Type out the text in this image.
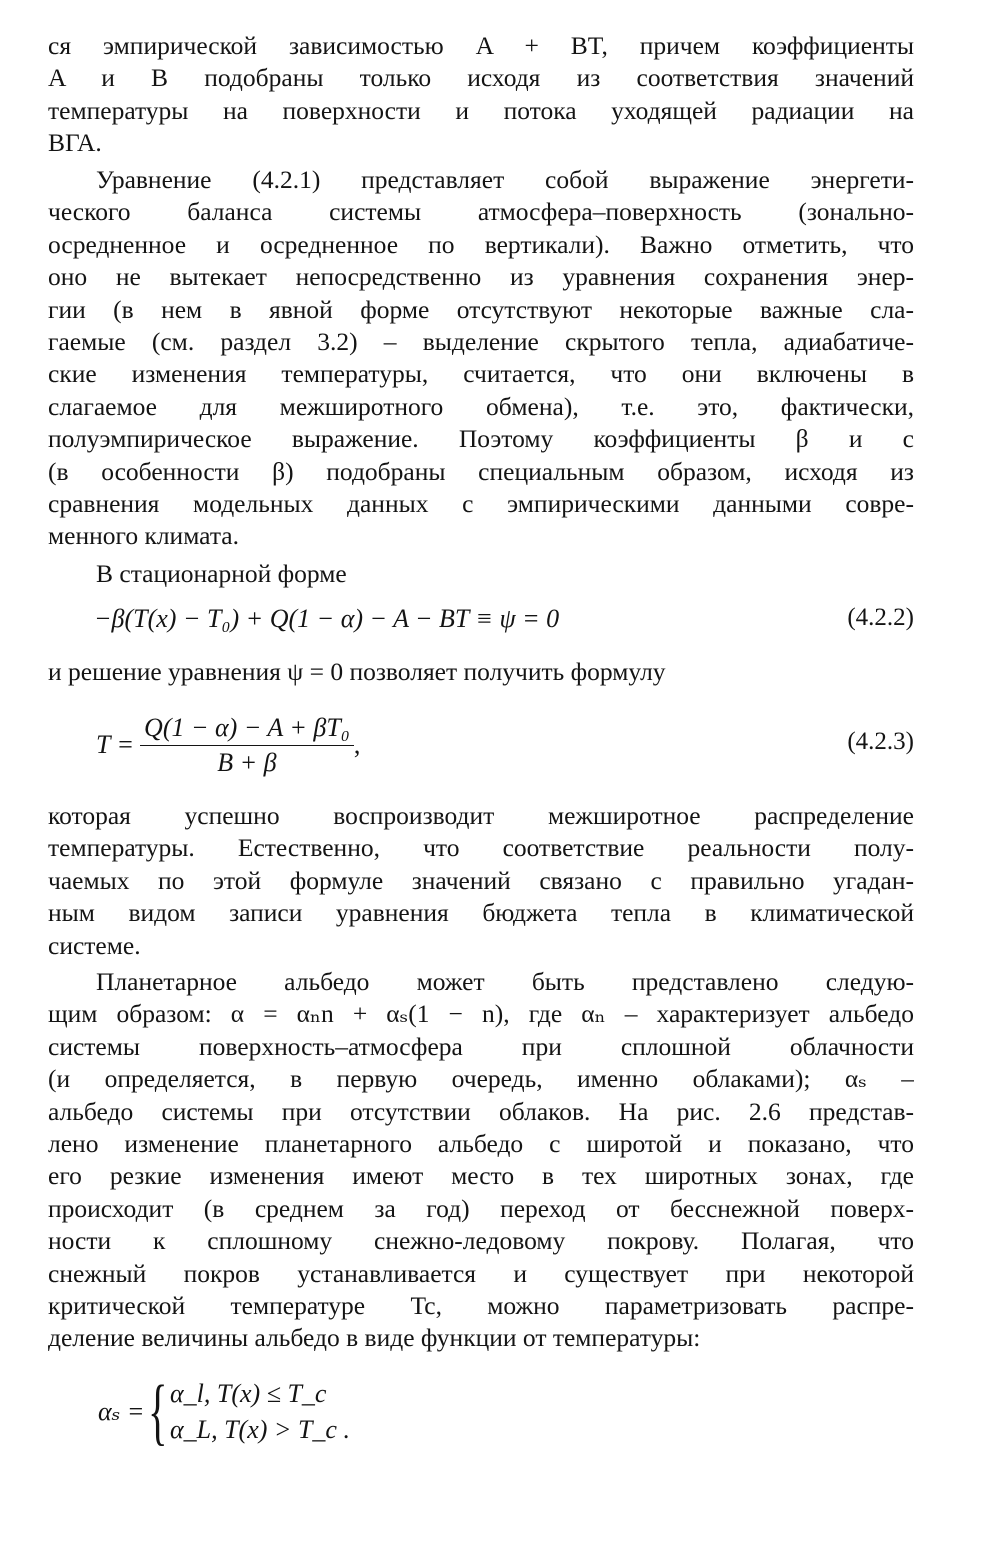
ся эмпирической зависимостью A + BT, причем коэффициенты
A и B подобраны только исходя из соответствия значений
температуры на поверхности и потока уходящей радиации на
ВГА.
Уравнение (4.2.1) представляет собой выражение энергети-
ческого баланса системы атмосфера–поверхность (зонально-
осредненное и осредненное по вертикали). Важно отметить, что
оно не вытекает непосредственно из уравнения сохранения энер-
гии (в нем в явной форме отсутствуют некоторые важные сла-
гаемые (см. раздел 3.2) – выделение скрытого тепла, адиабатиче-
ские изменения температуры, считается, что они включены в
слагаемое для межширотного обмена), т.е. это, фактически,
полуэмпирическое выражение. Поэтому коэффициенты β и c
(в особенности β) подобраны специальным образом, исходя из
сравнения модельных данных с эмпирическими данными совре-
менного климата.
В стационарной форме
−β(T(x) − T₀) + Q(1 − α) − A − BT ≡ ψ = 0	(4.2.2)
и решение уравнения ψ = 0 позволяет получить формулу
$T = \frac{\text{Q(1 − α) − A + βT₀}}{B + \beta}$ ,	(4.2.3)
которая успешно воспроизводит межширотное распределение
температуры. Естественно, что соответствие реальности полу-
чаемых по этой формуле значений связано с правильно угадан-
ным видом записи уравнения бюджета тепла в климатической
системе.
Планетарное альбедо может быть представлено следую-
щим образом: α = αₙn + αₛ(1 − n), где αₙ – характеризует альбедо
системы поверхность–атмосфера при сплошной облачности
(и определяется, в первую очередь, именно облаками); αₛ –
альбедо системы при отсутствии облаков. На рис. 2.6 представ-
лено изменение планетарного альбедо с широтой и показано, что
его резкие изменения имеют место в тех широтных зонах, где
происходит (в среднем за год) переход от бесснежной поверх-
ности к сплошному снежно-ледовому покрову. Полагая, что
снежный покров устанавливается и существует при некоторой
критической температуре Tc, можно параметризовать распре-
деление величины альбедо в виде функции от температуры:
αₛ = { α_l, T(x) ≤ T_c
α_L, T(x) > T_c .
